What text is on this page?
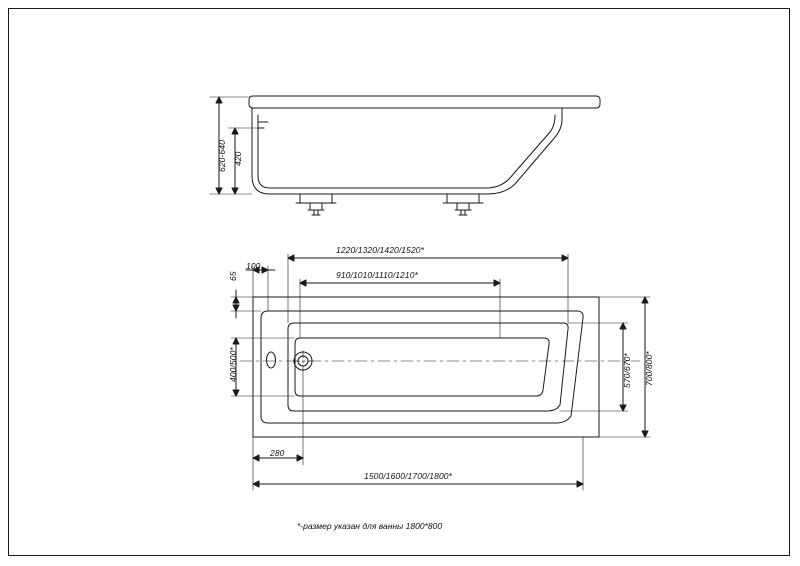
620-640 420
1220/1320/1420/1520*
910/1010/1110/1210*
1500/1600/1700/1800*
65
100
280
400/500*	570/670* 700/800*
*-размер указан для ванны 1800*800
